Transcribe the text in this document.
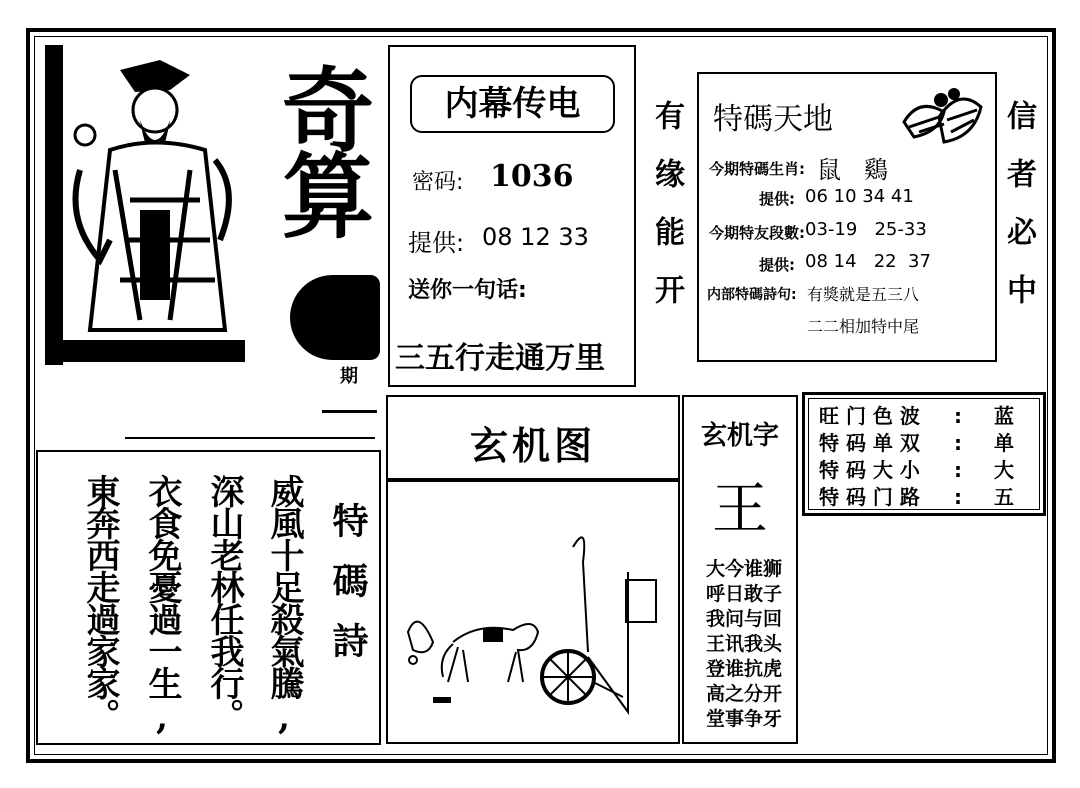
奇算
期
内幕传电
密码: 1036
提供: 08 12 33
送你一句话:
三五行走通万里
有缘能开 特碼天地
今期特碼生肖: 鼠   鷄
提供: 06 10 34 41
今期特友段數: 03-19   25-33
提供: 08 14   22  37
内部特碼詩句: 有獎就是五三八
二二相加特中尾	信者必中
旺 门 色 波	:	蓝
特 码 单 双	:	单
特 码 大 小	:	大
特 码 门 路	:	五
玄机图	玄机字
王
大今谁狮
呼日敢子
我问与回
王讯我头
登谁抗虎
高之分开
堂事争牙
特碼詩
威風十足殺氣騰,
深山老林任我行。
衣食免憂過一生,
東奔西走過家家。
